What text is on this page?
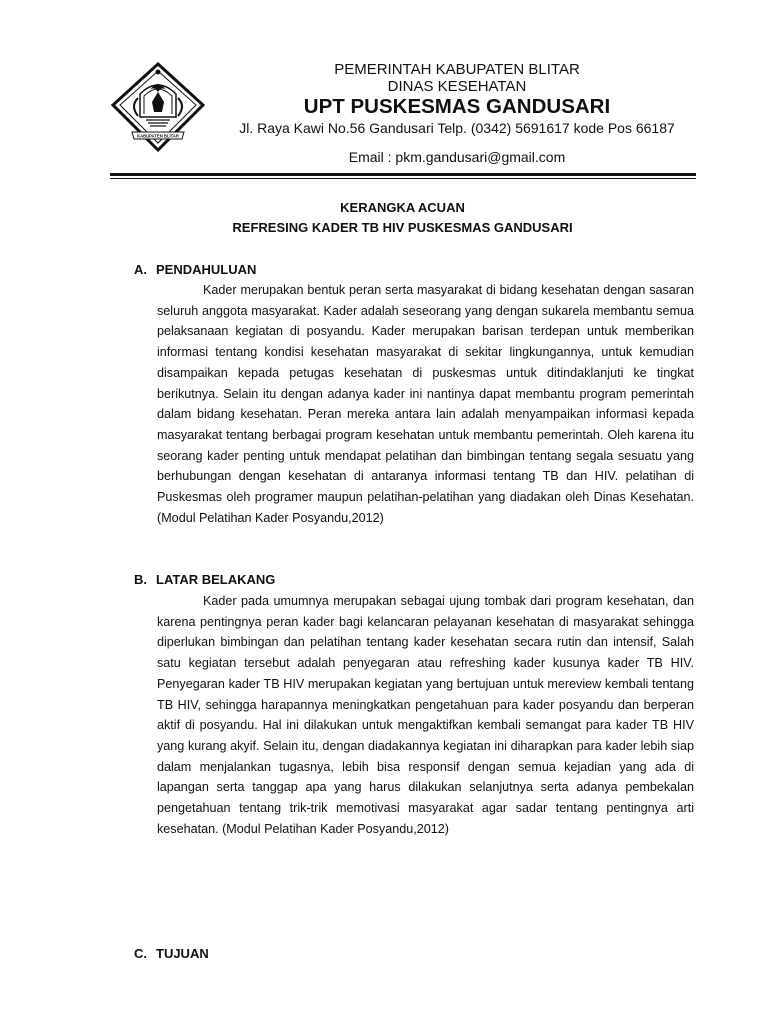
KABUPATEN BLITAR
PEMERINTAH KABUPATEN BLITAR
DINAS KESEHATAN
UPT PUSKESMAS GANDUSARI
Jl. Raya Kawi No.56 Gandusari Telp. (0342) 5691617 kode Pos 66187
Email : pkm.gandusari@gmail.com
KERANGKA ACUAN
REFRESING KADER TB HIV PUSKESMAS GANDUSARI
A. PENDAHULUAN

Kader merupakan bentuk peran serta masyarakat di bidang kesehatan dengan sasaran seluruh anggota masyarakat. Kader adalah seseorang yang dengan sukarela membantu semua pelaksanaan kegiatan di posyandu. Kader merupakan barisan terdepan untuk memberikan informasi tentang kondisi kesehatan masyarakat di sekitar lingkungannya, untuk kemudian disampaikan kepada petugas kesehatan di puskesmas untuk ditindaklanjuti ke tingkat berikutnya. Selain itu dengan adanya kader ini nantinya dapat membantu program pemerintah dalam bidang kesehatan. Peran mereka antara lain adalah menyampaikan informasi kepada masyarakat tentang berbagai program kesehatan untuk membantu pemerintah. Oleh karena itu seorang kader penting untuk mendapat pelatihan dan bimbingan tentang segala sesuatu yang berhubungan dengan kesehatan di antaranya informasi tentang TB dan HIV. pelatihan di Puskesmas oleh programer maupun pelatihan-pelatihan yang diadakan oleh Dinas Kesehatan. (Modul Pelatihan Kader Posyandu,2012)

B. LATAR BELAKANG

Kader pada umumnya merupakan sebagai ujung tombak dari program kesehatan, dan karena pentingnya peran kader bagi kelancaran pelayanan kesehatan di masyarakat sehingga diperlukan bimbingan dan pelatihan tentang kader kesehatan secara rutin dan intensif, Salah satu kegiatan tersebut adalah penyegaran atau refreshing kader kusunya kader TB HIV. Penyegaran kader TB HIV merupakan kegiatan yang bertujuan untuk mereview kembali tentang TB HIV, sehingga harapannya meningkatkan pengetahuan para kader posyandu dan berperan aktif di posyandu. Hal ini dilakukan untuk mengaktifkan kembali semangat para kader TB HIV yang kurang akyif. Selain itu, dengan diadakannya kegiatan ini diharapkan para kader lebih siap dalam menjalankan tugasnya, lebih bisa responsif dengan semua kejadian yang ada di lapangan serta tanggap apa yang harus dilakukan selanjutnya serta adanya pembekalan pengetahuan tentang trik-trik memotivasi masyarakat agar sadar tentang pentingnya arti kesehatan. (Modul Pelatihan Kader Posyandu,2012)

C. TUJUAN
